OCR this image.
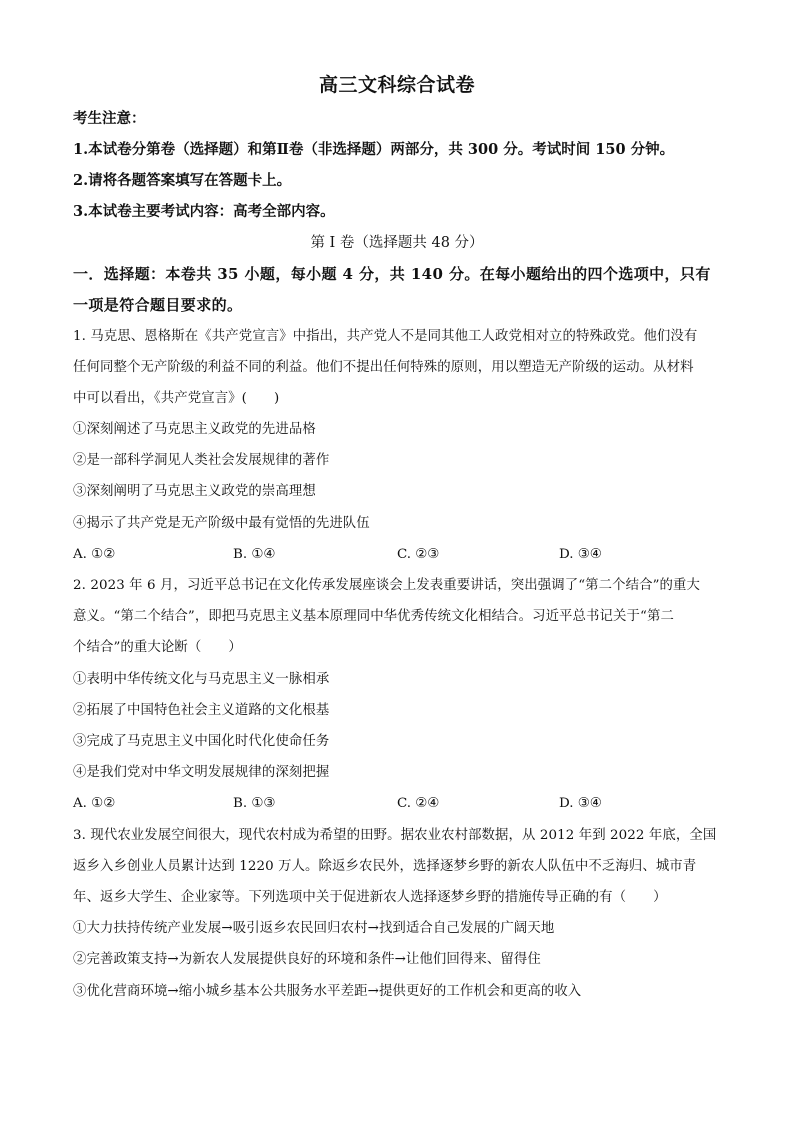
高三文科综合试卷
考生注意：
1.本试卷分第卷（选择题）和第Ⅱ卷（非选择题）两部分，共 300 分。考试时间 150 分钟。
2.请将各题答案填写在答题卡上。
3.本试卷主要考试内容：高考全部内容。
第 I 卷（选择题共 48 分）
一．选择题：本卷共 35 小题，每小题 4 分，共 140 分。在每小题给出的四个选项中，只有
一项是符合题目要求的。
1. 马克思、恩格斯在《共产党宣言》中指出，共产党人不是同其他工人政党相对立的特殊政党。他们没有
任何同整个无产阶级的利益不同的利益。他们不提出任何特殊的原则，用以塑造无产阶级的运动。从材料
中可以看出，《共产党宣言》(　　)
①深刻阐述了马克思主义政党的先进品格
②是一部科学洞见人类社会发展规律的著作
③深刻阐明了马克思主义政党的崇高理想
④揭示了共产党是无产阶级中最有觉悟的先进队伍
A. ①②	B. ①④	C. ②③	D. ③④
2. 2023 年 6 月，习近平总书记在文化传承发展座谈会上发表重要讲话，突出强调了“第二个结合”的重大
意义。“第二个结合”，即把马克思主义基本原理同中华优秀传统文化相结合。习近平总书记关于“第二
个结合”的重大论断（　　）
①表明中华传统文化与马克思主义一脉相承
②拓展了中国特色社会主义道路的文化根基
③完成了马克思主义中国化时代化使命任务
④是我们党对中华文明发展规律的深刻把握
A. ①②	B. ①③	C. ②④	D. ③④
3. 现代农业发展空间很大，现代农村成为希望的田野。据农业农村部数据，从 2012 年到 2022 年底，全国
返乡入乡创业人员累计达到 1220 万人。除返乡农民外，选择逐梦乡野的新农人队伍中不乏海归、城市青
年、返乡大学生、企业家等。下列选项中关于促进新农人选择逐梦乡野的措施传导正确的有（　　）
①大力扶持传统产业发展→吸引返乡农民回归农村→找到适合自己发展的广阔天地
②完善政策支持→为新农人发展提供良好的环境和条件→让他们回得来、留得住
③优化营商环境→缩小城乡基本公共服务水平差距→提供更好的工作机会和更高的收入
